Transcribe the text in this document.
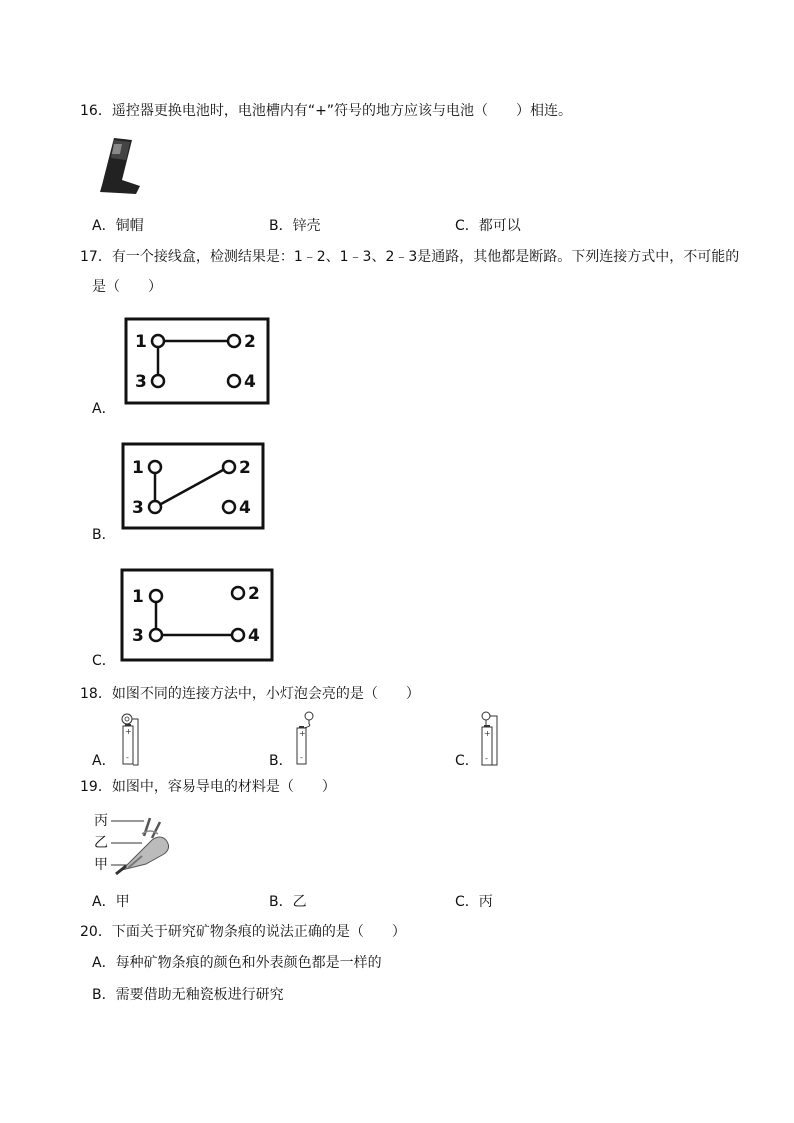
16．遥控器更换电池时，电池槽内有“+”符号的地方应该与电池（　　）相连。
A．铜帽	B．锌壳	C．都可以
17．有一个接线盒，检测结果是：1﹣2、1﹣3、2﹣3是通路，其他都是断路。下列连接方式中，不可能的
是（　　）
1	2
3	4
A．
1	2
3	4
B．
1	2
3	4
C．
18．如图不同的连接方法中，小灯泡会亮的是（　　）
+
-
A．
+
-
B．
+
-
C．
19．如图中，容易导电的材料是（　　）
丙
乙
甲
A．甲	B．乙	C．丙
20．下面关于研究矿物条痕的说法正确的是（　　）
A．每种矿物条痕的颜色和外表颜色都是一样的
B．需要借助无釉瓷板进行研究
